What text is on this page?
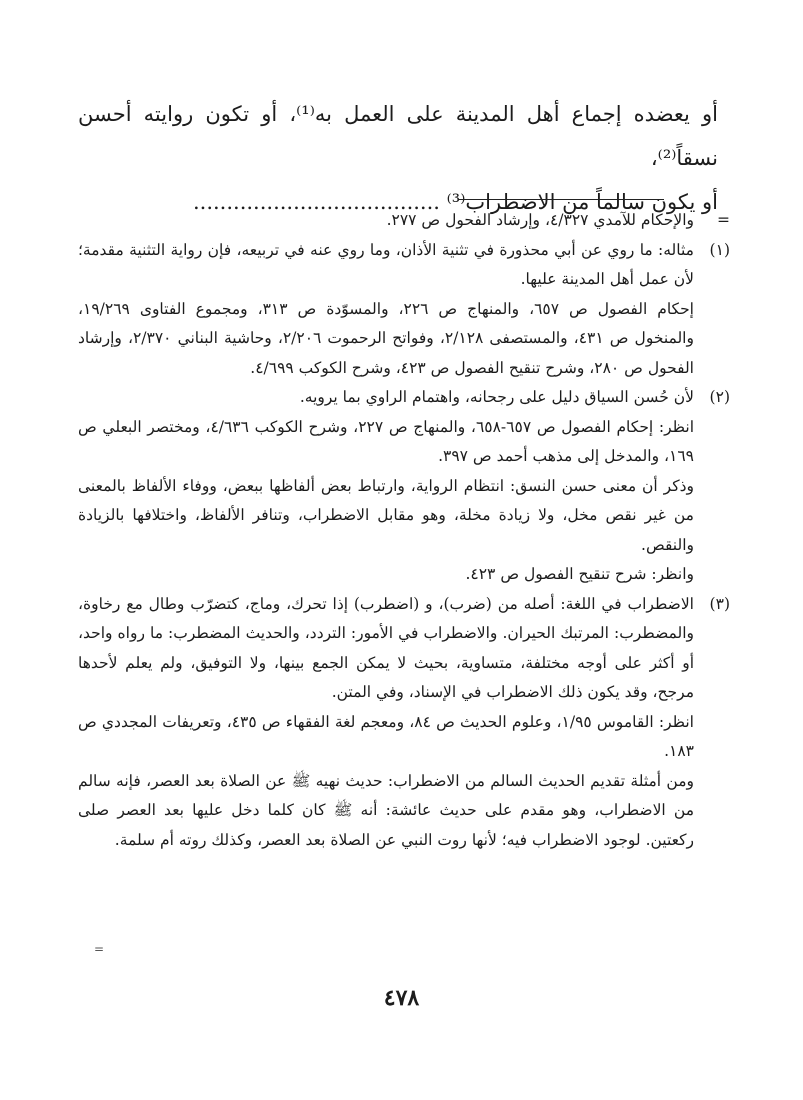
أو يعضده إجماع أهل المدينة على العمل به⁽¹⁾، أو تكون روايته أحسن نسقاً⁽²⁾،

أو يكون سالماً من الاضطراب⁽³⁾ .....................................

=

والإحكام للآمدي ٤/٣٢٧، وإرشاد الفحول ص ٢٧٧.

(١)

مثاله: ما روي عن أبي محذورة في تثنية الأذان، وما روي عنه في تربيعه، فإن رواية التثنية مقدمة؛ لأن عمل أهل المدينة عليها.

إحكام الفصول ص ٦٥٧، والمنهاج ص ٢٢٦، والمسوّدة ص ٣١٣، ومجموع الفتاوى ١٩/٢٦٩، والمنخول ص ٤٣١، والمستصفى ٢/١٢٨، وفواتح الرحموت ٢/٢٠٦، وحاشية البناني ٢/٣٧٠، وإرشاد الفحول ص ٢٨٠، وشرح تنقيح الفصول ص ٤٢٣، وشرح الكوكب ٤/٦٩٩.

(٢)

لأن حُسن السياق دليل على رجحانه، واهتمام الراوي بما يرويه.

انظر: إحكام الفصول ص ٦٥٧-٦٥٨، والمنهاج ص ٢٢٧، وشرح الكوكب ٤/٦٣٦، ومختصر البعلي ص ١٦٩، والمدخل إلى مذهب أحمد ص ٣٩٧.

وذكر أن معنى حسن النسق: انتظام الرواية، وارتباط بعض ألفاظها ببعض، ووفاء الألفاظ بالمعنى من غير نقص مخل، ولا زيادة مخلة، وهو مقابل الاضطراب، وتنافر الألفاظ، واختلافها بالزيادة والنقص.

وانظر: شرح تنقيح الفصول ص ٤٢٣.

(٣)

الاضطراب في اللغة: أصله من (ضرب)، و (اضطرب) إذا تحرك، وماج، كتضرّب وطال مع رخاوة، والمضطرب: المرتبك الحيران. والاضطراب في الأمور: التردد، والحديث المضطرب: ما رواه واحد، أو أكثر على أوجه مختلفة، متساوية، بحيث لا يمكن الجمع بينها، ولا التوفيق، ولم يعلم لأحدها مرجح، وقد يكون ذلك الاضطراب في الإسناد، وفي المتن.

انظر: القاموس ١/٩٥، وعلوم الحديث ص ٨٤، ومعجم لغة الفقهاء ص ٤٣٥، وتعريفات المجددي ص ١٨٣.

ومن أمثلة تقديم الحديث السالم من الاضطراب: حديث نهيه ﷺ عن الصلاة بعد العصر، فإنه سالم من الاضطراب، وهو مقدم على حديث عائشة: أنه ﷺ كان كلما دخل عليها بعد العصر صلى ركعتين. لوجود الاضطراب فيه؛ لأنها روت النبي عن الصلاة بعد العصر، وكذلك روته أم سلمة.

=
٤٧٨
